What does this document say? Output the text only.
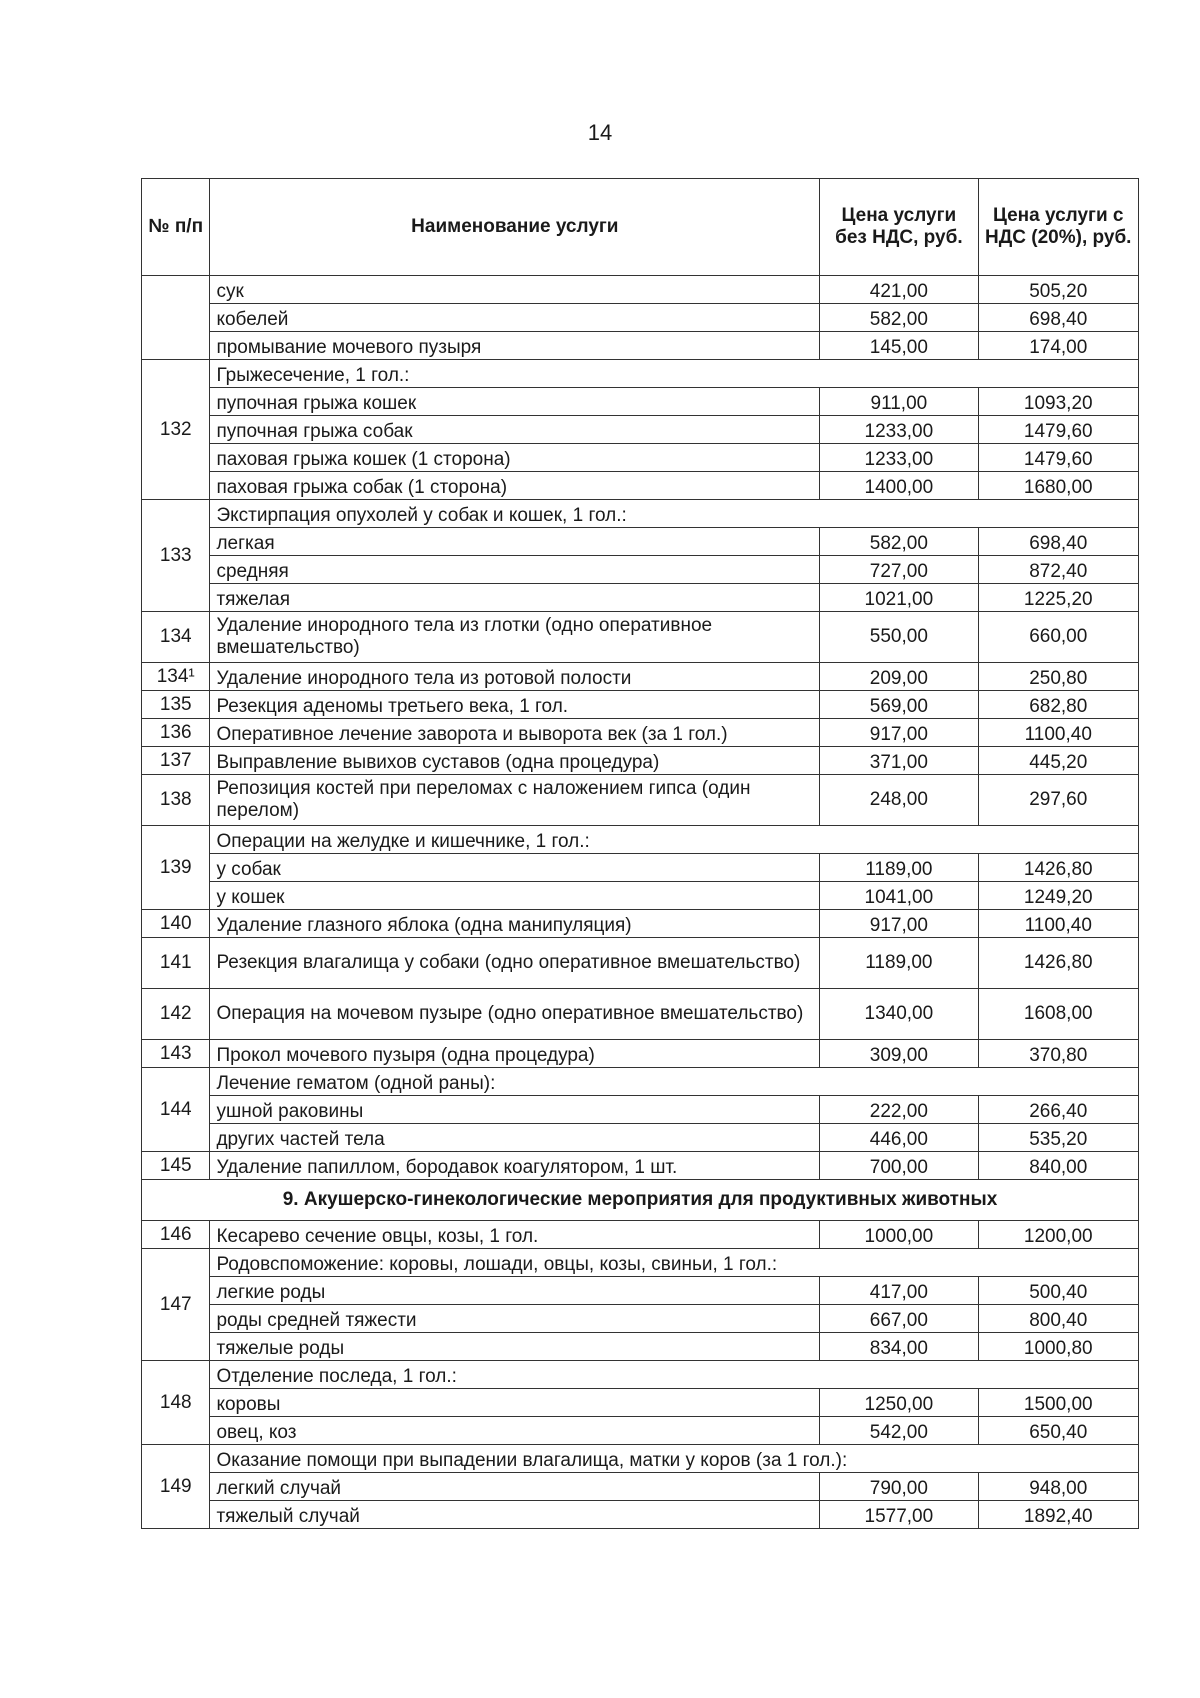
14
№ п/п	Наименование услуги	Цена услуги без НДС, руб.	Цена услуги с НДС (20%), руб.
	сук	421,00	505,20
	кобелей	582,00	698,40
	промывание мочевого пузыря	145,00	174,00
132	Грыжесечение, 1 гол.:		
	пупочная грыжа кошек	911,00	1093,20
	пупочная грыжа собак	1233,00	1479,60
	паховая грыжа кошек (1 сторона)	1233,00	1479,60
	паховая грыжа собак (1 сторона)	1400,00	1680,00
133	Экстирпация опухолей у собак и кошек, 1 гол.:		
	легкая	582,00	698,40
	средняя	727,00	872,40
	тяжелая	1021,00	1225,20
134	Удаление инородного тела из глотки (одно оперативное вмешательство)	550,00	660,00
134¹	Удаление инородного тела из ротовой полости	209,00	250,80
135	Резекция аденомы третьего века, 1 гол.	569,00	682,80
136	Оперативное лечение заворота и выворота век (за 1 гол.)	917,00	1100,40
137	Выправление вывихов суставов (одна процедура)	371,00	445,20
138	Репозиция костей при переломах с наложением гипса (один перелом)	248,00	297,60
139	Операции на желудке и кишечнике, 1 гол.:		
	у собак	1189,00	1426,80
	у кошек	1041,00	1249,20
140	Удаление глазного яблока (одна манипуляция)	917,00	1100,40
141	Резекция влагалища у собаки (одно оперативное вмешательство)	1189,00	1426,80
142	Операция на мочевом пузыре (одно оперативное вмешательство)	1340,00	1608,00
143	Прокол мочевого пузыря (одна процедура)	309,00	370,80
144	Лечение гематом (одной раны):		
	ушной раковины	222,00	266,40
	других частей тела	446,00	535,20
145	Удаление папиллом, бородавок коагулятором, 1 шт.	700,00	840,00
9. Акушерско-гинекологические мероприятия для продуктивных животных			
146	Кесарево сечение овцы, козы, 1 гол.	1000,00	1200,00
147	Родовспоможение: коровы, лошади, овцы, козы, свиньи, 1 гол.:		
	легкие роды	417,00	500,40
	роды средней тяжести	667,00	800,40
	тяжелые роды	834,00	1000,80
148	Отделение последа, 1 гол.:		
	коровы	1250,00	1500,00
	овец, коз	542,00	650,40
149	Оказание помощи при выпадении влагалища, матки у коров (за 1 гол.):		
	легкий случай	790,00	948,00
	тяжелый случай	1577,00	1892,40
